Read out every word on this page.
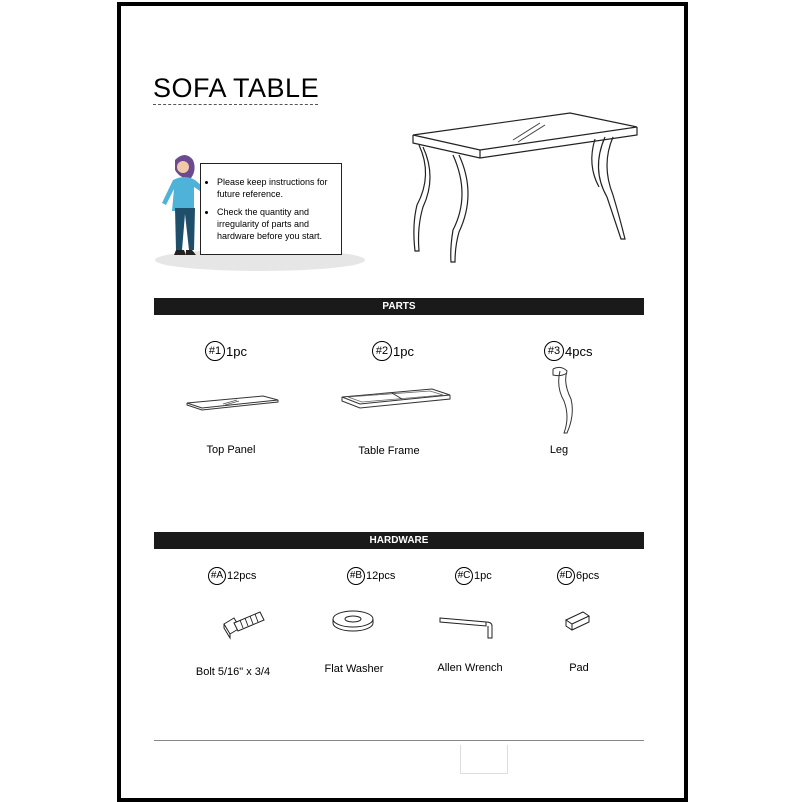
SOFA TABLE
• Please keep instructions for future reference.
• Check the quantity and irregularity of parts and hardware before you start.
PARTS
#1 1pc	#2 1pc	#3 4pcs
Top Panel	Table Frame	Leg
HARDWARE
#A 12pcs	#B 12pcs	#C 1pc	#D 6pcs
Bolt 5/16" x 3/4	Flat Washer	Allen Wrench	Pad
